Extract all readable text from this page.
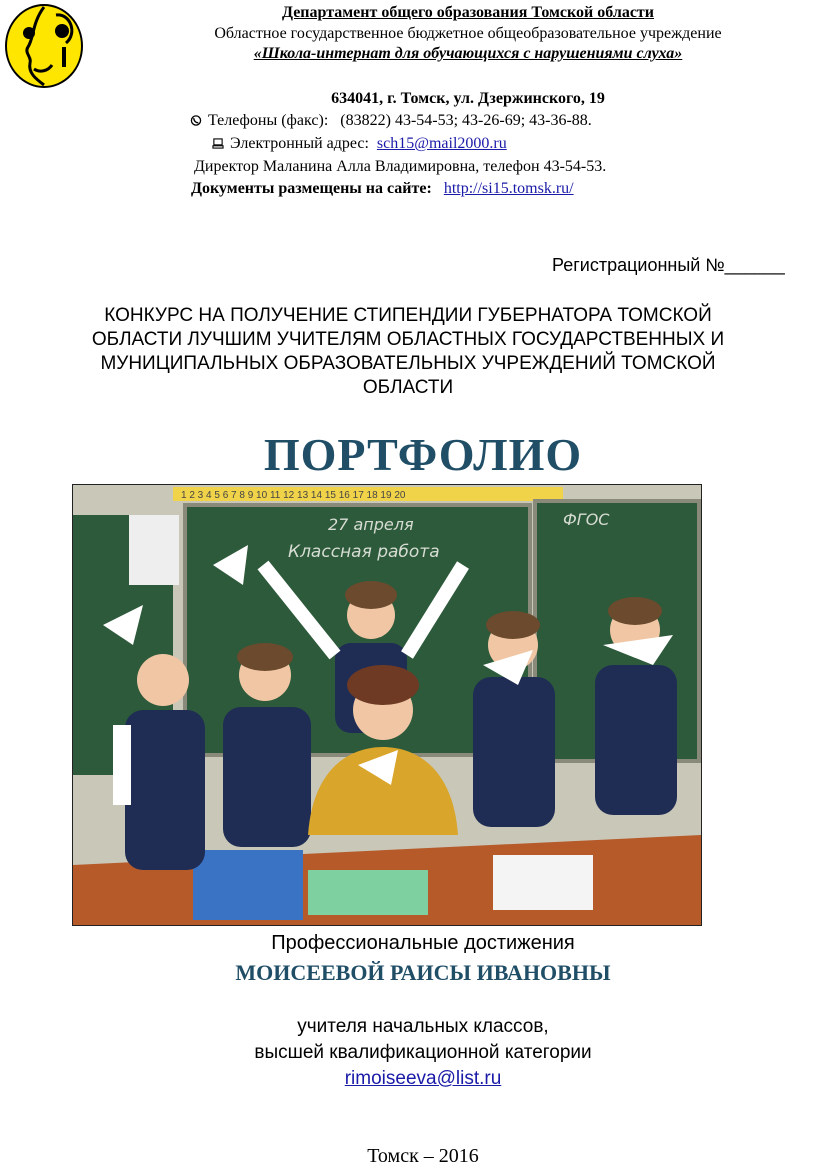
Департамент общего образования Томской области
Областное государственное бюджетное общеобразовательное учреждение
«Школа-интернат для обучающихся с нарушениями слуха»
634041, г. Томск, ул. Дзержинского, 19
Телефоны (факс): (83822) 43-54-53; 43-26-69; 43-36-88.
Электронный адрес: sch15@mail2000.ru
Директор Маланина Алла Владимировна, телефон 43-54-53.
Документы размещены на сайте: http://si15.tomsk.ru/
Регистрационный №______
КОНКУРС НА ПОЛУЧЕНИЕ СТИПЕНДИИ ГУБЕРНАТОРА ТОМСКОЙ
ОБЛАСТИ ЛУЧШИМ УЧИТЕЛЯМ ОБЛАСТНЫХ ГОСУДАРСТВЕННЫХ И
МУНИЦИПАЛЬНЫХ ОБРАЗОВАТЕЛЬНЫХ УЧРЕЖДЕНИЙ ТОМСКОЙ
ОБЛАСТИ
ПОРТФОЛИО
1 2 3 4 5 6 7 8 9 10 11 12 13 14 15 16 17 18 19 20
27 апреля
Классная работа
ФГОС
Профессиональные достижения
МОИСЕЕВОЙ РАИСЫ ИВАНОВНЫ
учителя начальных классов,
высшей квалификационной категории
rimoiseeva@list.ru
Томск – 2016
